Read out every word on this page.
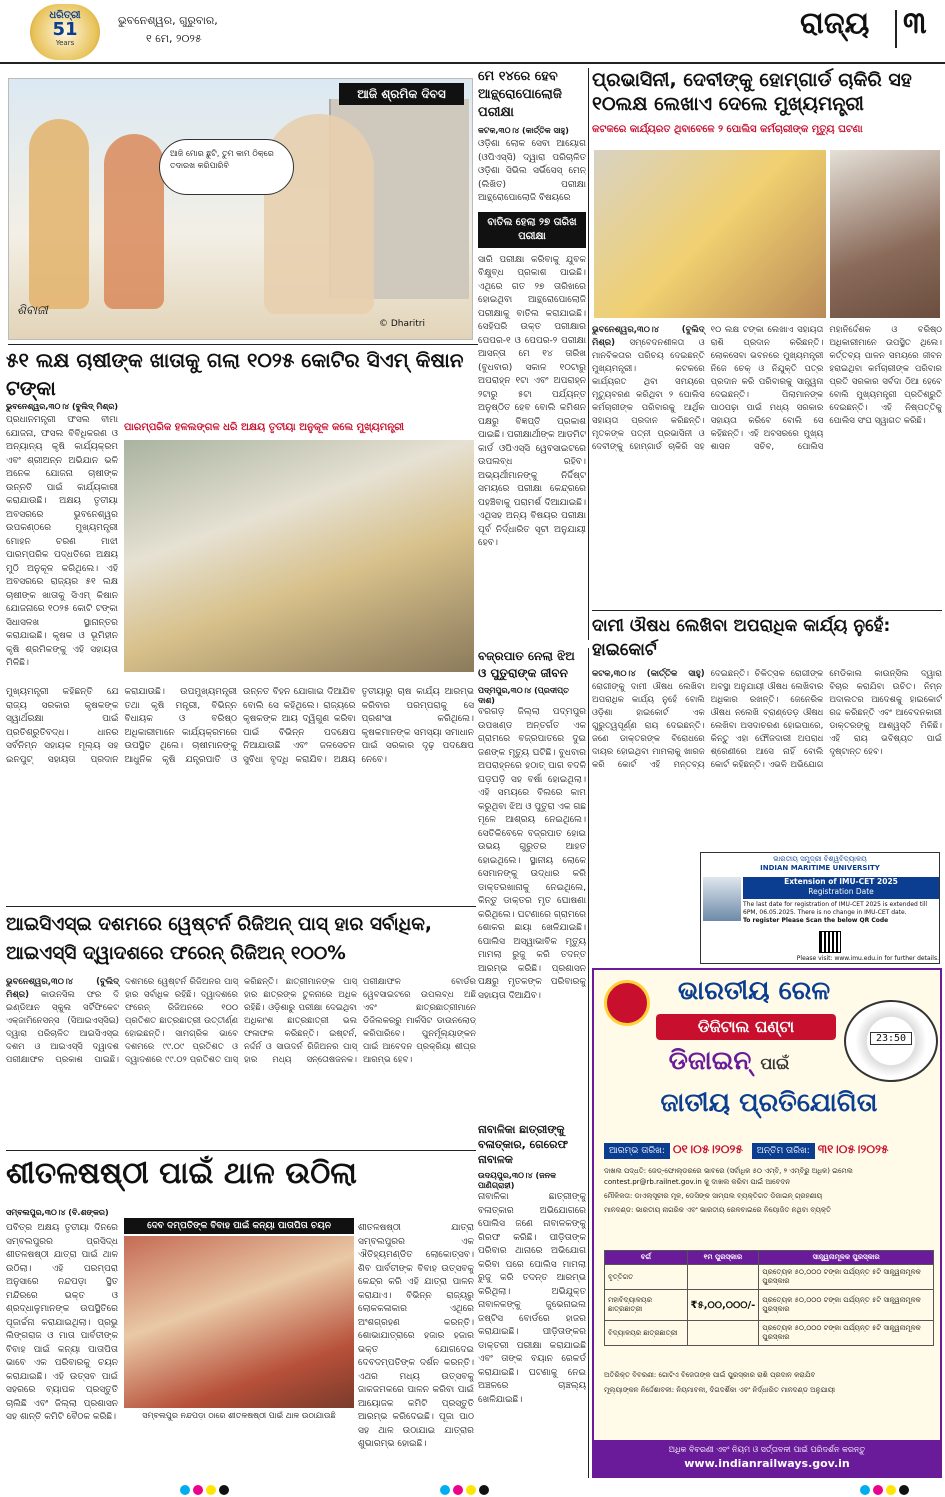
ଧରିତ୍ରୀ
51
Years
ଭୁବନେଶ୍ୱର, ଗୁରୁବାର,
୧ ମେ, ୨୦୨୫	ରାଜ୍ୟ	୩
ଆଜି ମୋର ଛୁଟି, ତୁମ କାମ ଠିକ୍‌ରେ ତଦାରଖ କରିପାରିବି
ଆଜି ଶ୍ରମିକ ଦିବସ
ଶିବାଜୀ
© Dharitri
ମେ ୧୪ରେ ହେବ ଆନ୍ଥ୍ରୋପୋଲୋଜି ପରୀକ୍ଷା
କଟକ,୩୦।୪ (କାର୍ତ୍ତିକ ସାହୁ)
ଓଡ଼ିଶା ଲୋକ ସେବା ଆୟୋଗ (ଓପିଏସ୍‌ସି) ଦ୍ୱାରା ପରିଚାଳିତ ଓଡ଼ିଶା ସିଭିଲ ସର୍ଭିସେସ୍ ମେନ୍‌ (ଲିଖିତ) ପରୀକ୍ଷା ଆନ୍ଥ୍ରୋପୋଲୋଜି ବିଷୟରେ
ବାତିଲ ହେଲା ୨୭ ତାରିଖ ପରୀକ୍ଷା
ସାରି ପରୀକ୍ଷା କରିବାକୁ ଯୁବକ ବିକ୍ଷୁବ୍ଧ ପ୍ରକାଶ ପାଇଛି। ଏଥିରେ ଗତ ୨୭ ତାରିଖରେ ହୋଇଥିବା ଆନ୍ଥ୍ରୋପୋଲୋଜି ପରୀକ୍ଷାକୁ ବାତିଲ କରାଯାଇଛି। ସେହିପରି ଉକ୍ତ ପରୀକ୍ଷାର ପେପର-୧ ଓ ପେପର-୨ ପରୀକ୍ଷା ଆସନ୍ତା ମେ ୧୪ ତାରିଖ (ବୁଧବାର) ସକାଳ ୧୦ଟାରୁ ଅପରାହ୍ନ ୧ଟା ଏବଂ ଅପରାହ୍ନ ୨ଟାରୁ ୫ଟା ପର୍ଯ୍ୟନ୍ତ ଅନୁଷ୍ଠିତ ହେବ ବୋଲି କମିଶନ ପକ୍ଷରୁ ବିଜ୍ଞପ୍ତି ପ୍ରକାଶ ପାଇଛି। ପରୀକ୍ଷାର୍ଥୀଙ୍କ ଆଡମିଟ କାର୍ଡ ଓପିଏସ୍‌ସି ୱେବସାଇଟରେ ଉପଲବ୍ଧ ରହିବ। ଅଭ୍ୟର୍ଥୀମାନଙ୍କୁ ନିର୍ଦ୍ଦିଷ୍ଟ ସମୟରେ ପରୀକ୍ଷା କେନ୍ଦ୍ରରେ ପହଞ୍ଚିବାକୁ ପରାମର୍ଶ ଦିଆଯାଇଛି। ଏଥିସହ ଅନ୍ୟ ବିଷୟର ପରୀକ୍ଷା ପୂର୍ବ ନିର୍ଦ୍ଧାରିତ ସୂଚୀ ଅନୁଯାୟୀ ହେବ।
ପ୍ରଭାସିନୀ, ଦେବୀଙ୍କୁ ହୋମ୍‌ଗାର୍ଡ ଚାକିରି ସହ ୧୦ଲକ୍ଷ ଲେଖାଏ ଦେଲେ ମୁଖ୍ୟମନ୍ତ୍ରୀ
କଟକରେ କାର୍ଯ୍ୟରତ ଥିବାବେଳେ ୨ ପୋଲିସ କର୍ମଚାରୀଙ୍କ ମୃତ୍ୟୁ ଘଟଣା
ଭୁବନେଶ୍ୱର,୩୦।୪ (ବୁଲିଦ୍‌ ମିଶ୍ର) ସମ୍ବେଦନଶୀଳତା ଓ ମାନବିକତାର ପରିଚୟ ଦେଇଛନ୍ତି ମୁଖ୍ୟମନ୍ତ୍ରୀ। କଟକରେ କାର୍ଯ୍ୟରତ ଥିବା ସମୟରେ ମୃତ୍ୟୁବରଣ କରିଥିବା ୨ ପୋଲିସ କର୍ମଚାରୀଙ୍କ ପରିବାରକୁ ଆର୍ଥିକ ସହାୟତା ପ୍ରଦାନ କରିଛନ୍ତି। ମୃତକଙ୍କ ପତ୍ନୀ ପ୍ରଭାସିନୀ ଓ ଦେବୀଙ୍କୁ ହୋମ୍‌ଗାର୍ଡ ଚାକିରି ସହ ୧୦ ଲକ୍ଷ ଟଙ୍କା ଲେଖାଏ ସହାୟତା ରାଶି ପ୍ରଦାନ କରିଛନ୍ତି। ଲୋକସେବା ଭବନରେ ମୁଖ୍ୟମନ୍ତ୍ରୀ ନିଜେ ଚେକ୍ ଓ ନିଯୁକ୍ତି ପତ୍ର ପ୍ରଦାନ କରି ପରିବାରକୁ ସାନ୍ତ୍ୱନା ଦେଇଛନ୍ତି। ପିଲାମାନଙ୍କ ପାଠପଢ଼ା ପାଇଁ ମଧ୍ୟ ସରକାର ସହାୟତା କରିବେ ବୋଲି ସେ କହିଛନ୍ତି। ଏହି ଅବସରରେ ମୁଖ୍ୟ ଶାସନ ସଚିବ, ପୋଲିସ ମହାନିର୍ଦ୍ଦେଶକ ଓ ବରିଷ୍ଠ ଅଧିକାରୀମାନେ ଉପସ୍ଥିତ ଥିଲେ। କର୍ତ୍ତବ୍ୟ ପାଳନ ସମୟରେ ଜୀବନ ହରାଇଥିବା କର୍ମଚାରୀଙ୍କ ପରିବାର ପ୍ରତି ସରକାର ସର୍ବଦା ଠିଆ ହେବେ ବୋଲି ମୁଖ୍ୟମନ୍ତ୍ରୀ ପ୍ରତିଶ୍ରୁତି ଦେଇଛନ୍ତି। ଏହି ନିଷ୍ପତ୍ତିକୁ ପୋଲିସ ସଂଘ ସ୍ୱାଗତ କରିଛି।
୫୧ ଲକ୍ଷ ଚାଷୀଙ୍କ ଖାତାକୁ ଗଲା ୧୦୨୫ କୋଟିର ସିଏମ୍‌ କିଷାନ ଟଙ୍କା
ଭୁବନେଶ୍ୱର,୩୦।୪ (ବୁଲିଦ୍‌ ମିଶ୍ର)
ପ୍ରଧାନମନ୍ତ୍ରୀ ଫସଲ ବୀମା ଯୋଜନା, ଫସଲ ବିବିଧିକରଣ ଓ ଅନ୍ୟାନ୍ୟ କୃଷି କାର୍ଯ୍ୟକ୍ରମ ଏବଂ ଶ୍ରୀଅନ୍ନ ଅଭିଯାନ ଭଳି ଅନେକ ଯୋଜନା ଚାଷୀଙ୍କ ଉନ୍ନତି ପାଇଁ କାର୍ଯ୍ୟକାରୀ କରାଯାଉଛି। ଅକ୍ଷୟ ତୃତୀୟା ଅବସରରେ ଭୁବନେଶ୍ୱର ଉପକଣ୍ଠରେ ମୁଖ୍ୟମନ୍ତ୍ରୀ ମୋହନ ଚରଣ ମାଝୀ ପାରମ୍ପରିକ ପଦ୍ଧତିରେ ଅକ୍ଷୟ ମୁଠି ଅନୁକୂଳ କରିଥିଲେ। ଏହି ଅବସରରେ ରାଜ୍ୟର ୫୧ ଲକ୍ଷ ଚାଷୀଙ୍କ ଖାତାକୁ ସିଏମ୍‌ କିଷାନ ଯୋଜନାରେ ୧୦୨୫ କୋଟି ଟଙ୍କା ସିଧାସଳଖ ସ୍ଥାନାନ୍ତର କରାଯାଇଛି। କୃଷକ ଓ ଭୂମିହୀନ କୃଷି ଶ୍ରମିକଙ୍କୁ ଏହି ସହାୟତା ମିଳିଛି।
ପାରମ୍ପରିକ ହଳଲଙ୍ଗଳ ଧରି ଅକ୍ଷୟ ତୃତୀୟା ଅନୁକୂଳ କଲେ ମୁଖ୍ୟମନ୍ତ୍ରୀ
ମୁଖ୍ୟମନ୍ତ୍ରୀ କହିଛନ୍ତି ଯେ ରାଜ୍ୟ ସରକାର କୃଷକଙ୍କ ସ୍ୱାର୍ଥରକ୍ଷା ପାଇଁ ପ୍ରତିଶ୍ରୁତିବଦ୍ଧ। ଧାନର ସର୍ବନିମ୍ନ ସହାୟକ ମୂଲ୍ୟ ସହ ଇନପୁଟ୍ ସହାୟତା ପ୍ରଦାନ କରାଯାଉଛି। ଉପମୁଖ୍ୟମନ୍ତ୍ରୀ ତଥା କୃଷି ମନ୍ତ୍ରୀ, ବିଭିନ୍ନ ବିଧାୟକ ଓ ବରିଷ୍ଠ ଅଧିକାରୀମାନେ କାର୍ଯ୍ୟକ୍ରମରେ ଉପସ୍ଥିତ ଥିଲେ। ଚାଷୀମାନଙ୍କୁ ଆଧୁନିକ କୃଷି ଯନ୍ତ୍ରପାତି ଓ ଉନ୍ନତ ବିହନ ଯୋଗାଇ ଦିଆଯିବ ବୋଲି ସେ କହିଥିଲେ। ରାଜ୍ୟରେ କୃଷକଙ୍କ ଆୟ ଦ୍ୱିଗୁଣ କରିବା ପାଇଁ ବିଭିନ୍ନ ପଦକ୍ଷେପ ନିଆଯାଉଛି ଏବଂ ଜଳସେଚନ ସୁବିଧା ବୃଦ୍ଧି କରାଯିବ। ଅକ୍ଷୟ ତୃତୀୟାରୁ ଚାଷ କାର୍ଯ୍ୟ ଆରମ୍ଭ କରିବାର ପରମ୍ପରାକୁ ସେ ପ୍ରଶଂସା କରିଥିଲେ। କୃଷକମାନଙ୍କ ସମସ୍ୟା ସମାଧାନ ପାଇଁ ସରକାର ଦୃଢ଼ ପଦକ୍ଷେପ ନେବେ।
ବଜ୍ରପାତ ନେଲା ଝିଅ ଓ ପୁତୁରାଙ୍କ ଜୀବନ
ପଦ୍ମପୁର,୩୦।୪ (ପ୍ରଦୀପ୍ତ ଦାଶ)
ବରଗଡ଼ ଜିଲ୍ଲା ପଦ୍ମପୁର ଉପଖଣ୍ଡ ଅନ୍ତର୍ଗତ ଏକ ଗ୍ରାମରେ ବଜ୍ରପାତରେ ଦୁଇ ଜଣଙ୍କ ମୃତ୍ୟୁ ଘଟିଛି। ବୁଧବାର ଅପରାହ୍ନରେ ହଠାତ୍ ପାଗ ବଦଳି ଘଡ଼ଘଡ଼ି ସହ ବର୍ଷା ହୋଇଥିଲା। ଏହି ସମୟରେ ବିଲରେ କାମ କରୁଥିବା ଝିଅ ଓ ପୁତୁରା ଏକ ଗଛ ମୂଳେ ଆଶ୍ରୟ ନେଇଥିଲେ। ସେତିକିବେଳେ ବଜ୍ରପାତ ହୋଇ ଉଭୟ ଗୁରୁତର ଆହତ ହୋଇଥିଲେ। ସ୍ଥାନୀୟ ଲୋକେ ସେମାନଙ୍କୁ ଉଦ୍ଧାର କରି ଡାକ୍ତରଖାନାକୁ ନେଇଥିଲେ, କିନ୍ତୁ ଡାକ୍ତର ମୃତ ଘୋଷଣା କରିଥିଲେ। ଘଟଣାରେ ଗ୍ରାମରେ ଶୋକର ଛାୟା ଖେଳିଯାଇଛି। ପୋଲିସ ଅସ୍ୱାଭାବିକ ମୃତ୍ୟୁ ମାମଲା ରୁଜୁ କରି ତଦନ୍ତ ଆରମ୍ଭ କରିଛି। ପ୍ରଶାସନ ପକ୍ଷରୁ ମୃତକଙ୍କ ପରିବାରକୁ ସହାୟତା ଦିଆଯିବ।
ଦାମୀ ଔଷଧ ଲେଖିବା ଅପରାଧିକ କାର୍ଯ୍ୟ ନୁହେଁ: ହାଇକୋର୍ଟ
କଟକ,୩୦।୪ (କାର୍ତ୍ତିକ ସାହୁ) ରୋଗୀଙ୍କୁ ଦାମୀ ଔଷଧ ଲେଖିବା ଅପରାଧିକ କାର୍ଯ୍ୟ ନୁହେଁ ବୋଲି ଓଡ଼ିଶା ହାଇକୋର୍ଟ ଏକ ଗୁରୁତ୍ୱପୂର୍ଣ୍ଣ ରାୟ ଦେଇଛନ୍ତି। ଜଣେ ଡାକ୍ତରଙ୍କ ବିରୋଧରେ ଦାୟର ହୋଇଥିବା ମାମଲାକୁ ଖାରଜ କରି କୋର୍ଟ ଏହି ମନ୍ତବ୍ୟ ଦେଇଛନ୍ତି। ଚିକିତ୍ସକ ରୋଗୀଙ୍କ ଅବସ୍ଥା ଅନୁଯାୟୀ ଔଷଧ ଲେଖିବାର ଅଧିକାର ରଖନ୍ତି। ଜେନେରିକ ଔଷଧ ନଲେଖି ବ୍ରାଣ୍ଡେଡ଼ ଔଷଧ ଲେଖିବା ଅସଦାଚରଣ ହୋଇପାରେ, କିନ୍ତୁ ଏହା ଫୌଜଦାରୀ ଅପରାଧ ଶ୍ରେଣୀରେ ଆସେ ନାହିଁ ବୋଲି କୋର୍ଟ କହିଛନ୍ତି। ଏଭଳି ଅଭିଯୋଗ ମେଡିକାଲ କାଉନ୍ସିଲ ଦ୍ୱାରା ବିଚାର କରାଯିବା ଉଚିତ। ନିମ୍ନ ଅଦାଲତର ଆଦେଶକୁ ହାଇକୋର୍ଟ ରଦ୍ଦ କରିଛନ୍ତି ଏବଂ ଆବେଦନକାରୀ ଡାକ୍ତରଙ୍କୁ ଆଶ୍ୱସ୍ତି ମିଳିଛି। ଏହି ରାୟ ଭବିଷ୍ୟତ ପାଇଁ ଦୃଷ୍ଟାନ୍ତ ହେବ।
ଭାରତୀୟ ସମୁଦ୍ରୀ ବିଶ୍ୱବିଦ୍ୟାଳୟ
INDIAN MARITIME UNIVERSITY
Extension of IMU-CET 2025
Registration Date
The last date for registration of IMU-CET 2025 is extended till 6PM, 06.05.2025. There is no change in IMU-CET date.
To register Please Scan the below QR Code
Please visit: www.imu.edu.in for further details.
ଆଇସିଏସ୍‌ଇ ଦଶମରେ ୱେଷ୍ଟର୍ନ ରିଜିଅନ୍ ପାସ୍ ହାର ସର୍ବାଧିକ, ଆଇଏସ୍‌ସି ଦ୍ୱାଦଶରେ ଫରେନ୍ ରିଜିଅନ୍ ୧୦୦%
ଭୁବନେଶ୍ୱର,୩୦।୪ (ବୁଲିଦ୍‌ ମିଶ୍ର) କାଉନସିଲ ଫର ଦି ଇଣ୍ଡିଆନ ସ୍କୁଲ ସର୍ଟିଫିକେଟ ଏକ୍‌ଜାମିନେସନ୍ସ (ସିଆଇଏସ୍‌ସିଇ) ଦ୍ୱାରା ପରିଚାଳିତ ଆଇସିଏସ୍‌ଇ ଦଶମ ଓ ଆଇଏସ୍‌ସି ଦ୍ୱାଦଶ ପରୀକ୍ଷାଫଳ ପ୍ରକାଶ ପାଇଛି। ଦଶମରେ ୱେଷ୍ଟର୍ନ ରିଜିଅନର ପାସ୍ ହାର ସର୍ବାଧିକ ରହିଛି। ଦ୍ୱାଦଶରେ ଫରେନ୍ ରିଜିଅନରେ ୧୦୦ ପ୍ରତିଶତ ଛାତ୍ରଛାତ୍ରୀ ଉତ୍ତୀର୍ଣ୍ଣ ହୋଇଛନ୍ତି। ସାମଗ୍ରିକ ଭାବେ ଦଶମରେ ୯୯.୦୯ ପ୍ରତିଶତ ଓ ଦ୍ୱାଦଶରେ ୯୯.୦୨ ପ୍ରତିଶତ ପାସ୍ କରିଛନ୍ତି। ଛାତ୍ରୀମାନଙ୍କ ପାସ୍ ହାର ଛାତ୍ରଙ୍କ ତୁଳନାରେ ଅଧିକ ରହିଛି। ଓଡ଼ିଶାରୁ ପରୀକ୍ଷା ଦେଇଥିବା ଅଧିକାଂଶ ଛାତ୍ରଛାତ୍ରୀ ଭଲ ଫଳାଫଳ କରିଛନ୍ତି। ଇଷ୍ଟର୍ନ, ନର୍ଦ୍ଦର୍ନ ଓ ସାଉଦର୍ନ ରିଜିଅନର ପାସ୍ ହାର ମଧ୍ୟ ସନ୍ତୋଷଜନକ। ପରୀକ୍ଷାଫଳ ବୋର୍ଡର ୱେବସାଇଟରେ ଉପଲବ୍ଧ ଅଛି ଏବଂ ଛାତ୍ରଛାତ୍ରୀମାନେ ଡିଜିଲକରରୁ ମାର୍କସିଟ ଡାଉନଲୋଡ୍ କରିପାରିବେ। ପୁନର୍ମୂଲ୍ୟାଙ୍କନ ପାଇଁ ଆବେଦନ ପ୍ରକ୍ରିୟା ଶୀଘ୍ର ଆରମ୍ଭ ହେବ।
ନାବାଳିକା ଛାତ୍ରୀଙ୍କୁ ବଳାତ୍କାର, ଗେରେଫ ନାବାଳକ
ଉଦୟପୁର,୩୦।୪ (ଜନକ ପାଣିଗ୍ରାହୀ)
ନାବାଳିକା ଛାତ୍ରୀଙ୍କୁ ବଳାତ୍କାର ଅଭିଯୋଗରେ ପୋଲିସ ଜଣେ ନାବାଳକଙ୍କୁ ଗିରଫ କରିଛି। ପୀଡ଼ିତାଙ୍କ ପରିବାର ଥାନାରେ ଅଭିଯୋଗ କରିବା ପରେ ପୋଲିସ ମାମଲା ରୁଜୁ କରି ତଦନ୍ତ ଆରମ୍ଭ କରିଥିଲା। ଅଭିଯୁକ୍ତ ନାବାଳକଙ୍କୁ ଜୁଭେନାଇଲ ଜଷ୍ଟିସ ବୋର୍ଡରେ ହାଜର କରାଯାଇଛି। ପୀଡ଼ିତାଙ୍କର ଡାକ୍ତରୀ ପରୀକ୍ଷା କରାଯାଇଛି ଏବଂ ତାଙ୍କ ବୟାନ ରେକର୍ଡ କରାଯାଇଛି। ଘଟଣାକୁ ନେଇ ଅଞ୍ଚଳରେ ଚାଞ୍ଚଲ୍ୟ ଖେଳିଯାଇଛି।
ଶୀତଳଷଷ୍ଠୀ ପାଇଁ ଥାଳ ଉଠିଲା
ସମ୍ବଲପୁର,୩୦।୪ (ବି.ଶଙ୍କର)
ପବିତ୍ର ଅକ୍ଷୟ ତୃତୀୟା ଦିନରେ ସମ୍ବଲପୁରର ପ୍ରସିଦ୍ଧ ଶୀତଳଷଷ୍ଠୀ ଯାତ୍ରା ପାଇଁ ଥାଳ ଉଠିଲା। ଏହି ପରମ୍ପରା ଅନୁସାରେ ନନ୍ଦପଡ଼ା ସ୍ଥିତ ମନ୍ଦିରରେ ଭକ୍ତ ଓ ଶ୍ରଦ୍ଧାଳୁମାନଙ୍କ ଉପସ୍ଥିତିରେ ପୂଜାର୍ଚ୍ଚନା କରାଯାଇଥିଲା। ପ୍ରଭୁ ଲିଙ୍ଗରାଜ ଓ ମାତା ପାର୍ବତୀଙ୍କ ବିବାହ ପାଇଁ କନ୍ୟା ପାତାପିତା ଭାବେ ଏକ ପରିବାରକୁ ଚୟନ କରାଯାଇଛି। ଏହି ଉତ୍ସବ ପାଇଁ ସହରରେ ବ୍ୟାପକ ପ୍ରସ୍ତୁତି ଚାଲିଛି ଏବଂ ଜିଲ୍ଲା ପ୍ରଶାସନ ସହ ଶାନ୍ତି କମିଟି ବୈଠକ କରିଛି।
ଦେବ ଦମ୍ପତିଙ୍କ ବିବାହ ପାଇଁ କନ୍ୟା ପାତାପିତା ଚୟନ
ସମ୍ବଲପୁର ନନ୍ଦପଡ଼ା ଠାରେ ଶୀତଳଷଷ୍ଠୀ ପାଇଁ ଥାଳ ଉଠାଯାଉଛି
ଶୀତଳଷଷ୍ଠୀ ଯାତ୍ରା ସମ୍ବଲପୁରର ଏକ ଐତିହ୍ୟମଣ୍ଡିତ ଲୋକୋତ୍ସବ। ଶିବ ପାର୍ବତୀଙ୍କ ବିବାହ ଉତ୍ସବକୁ କେନ୍ଦ୍ର କରି ଏହି ଯାତ୍ରା ପାଳନ କରାଯାଏ। ବିଭିନ୍ନ ରାଜ୍ୟରୁ ଲୋକକଳାକାର ଏଥିରେ ଅଂଶଗ୍ରହଣ କରନ୍ତି। ଶୋଭାଯାତ୍ରାରେ ହଜାର ହଜାର ଭକ୍ତ ଯୋଗଦେଇ ଦେବଦମ୍ପତିଙ୍କ ଦର୍ଶନ କରନ୍ତି। ଏଥର ମଧ୍ୟ ଉତ୍ସବକୁ ଜାକଜମକରେ ପାଳନ କରିବା ପାଇଁ ଆୟୋଜକ କମିଟି ପ୍ରସ୍ତୁତି ଆରମ୍ଭ କରିଦେଇଛି। ପୂଜା ପାଠ ସହ ଥାଳ ଉଠାଯାଇ ଯାତ୍ରାର ଶୁଭାରମ୍ଭ ହୋଇଛି।
ଭାରତୀୟ ରେଳ
23:50
ଡିଜିଟାଲ ଘଣ୍ଟା
ଡିଜାଇନ୍‌ ପାଇଁ
ଜାତୀୟ ପ୍ରତିଯୋଗିତା
ଆରମ୍ଭ ତାରିଖ: ୦୧।୦୫।୨୦୨୫ ଅନ୍ତିମ ତାରିଖ: ୩୧।୦୫।୨୦୨୫
ଦାଖଲ ପଦ୍ଧତି: ଜେଡ୍‌-ଫୋଲ୍ଡରରେ ଭାବରେ (ସର୍ବାଧିକ ୫୦ ଏମ୍‌ବି, ୨ ଏମ୍‌ବିରୁ ଅଧିକ) ଇମେଲ contest.pr@rb.railnet.gov.in କୁ ଦାଖଲ କରିବା ପାଇଁ ଆବେଦନ
ମୌଳିକତା: ଡାଏଲ୍‌ସୂଚୀର ମୂଳ, ଡେସିଙ୍କ ସାମ୍ପଲ ବ୍ୟକ୍ତିଗତ ଡିଜାଇନ୍ ଗ୍ରହଣୀୟ
ମାନଦଣ୍ଡ: ଭାରତୀୟ ନାଗରିକ ଏବଂ ଭାରତୀୟ ରେଳବାଇରେ ନିୟୋଜିତ ନଥିବା ବ୍ୟକ୍ତି
ବର୍ଗ	୧ମ ପୁରସ୍କାର	ସାନ୍ତ୍ୱନାମୂଳକ ପୁରସ୍କାର
ବୃତ୍ତିଗତ		ପ୍ରତ୍ୟେକ ୫୦,୦୦୦ ଟଙ୍କା ପର୍ଯ୍ୟନ୍ତ ୫ଟି ସାନ୍ତ୍ୱନାମୂଳକ ପୁରସ୍କାର
ମହାବିଦ୍ୟାଳୟର ଛାତ୍ରଛାତ୍ରୀ	₹୫,୦୦,୦୦୦/-	ପ୍ରତ୍ୟେକ ୫୦,୦୦୦ ଟଙ୍କା ପର୍ଯ୍ୟନ୍ତ ୫ଟି ସାନ୍ତ୍ୱନାମୂଳକ ପୁରସ୍କାର
ବିଦ୍ୟାଳୟର ଛାତ୍ରଛାତ୍ରୀ		ପ୍ରତ୍ୟେକ ୫୦,୦୦୦ ଟଙ୍କା ପର୍ଯ୍ୟନ୍ତ ୫ଟି ସାନ୍ତ୍ୱନାମୂଳକ ପୁରସ୍କାର
ଅତିରିକ୍ତ ବିବରଣୀ: ଗୋଟିଏ ବିଜେତାଙ୍କ ପାଇଁ ପୁରସ୍କାର ରାଶି ପ୍ରଦାନ କରାଯିବ
ମୂଲ୍ୟାଙ୍କନ ନିର୍ଦ୍ଦେଶାବଳୀ: ନିୟମାବଳୀ, ଦିଗଦର୍ଶିକା ଏବଂ ନିର୍ଦ୍ଧାରିତ ମାନଦଣ୍ଡ ଅନୁଯାୟୀ
ଅଧିକ ବିବରଣୀ ଏବଂ ନିୟମ ଓ ସର୍ତ୍ତାବଳୀ ପାଇଁ ପରିଦର୍ଶନ କରନ୍ତୁ
www.indianrailways.gov.in
